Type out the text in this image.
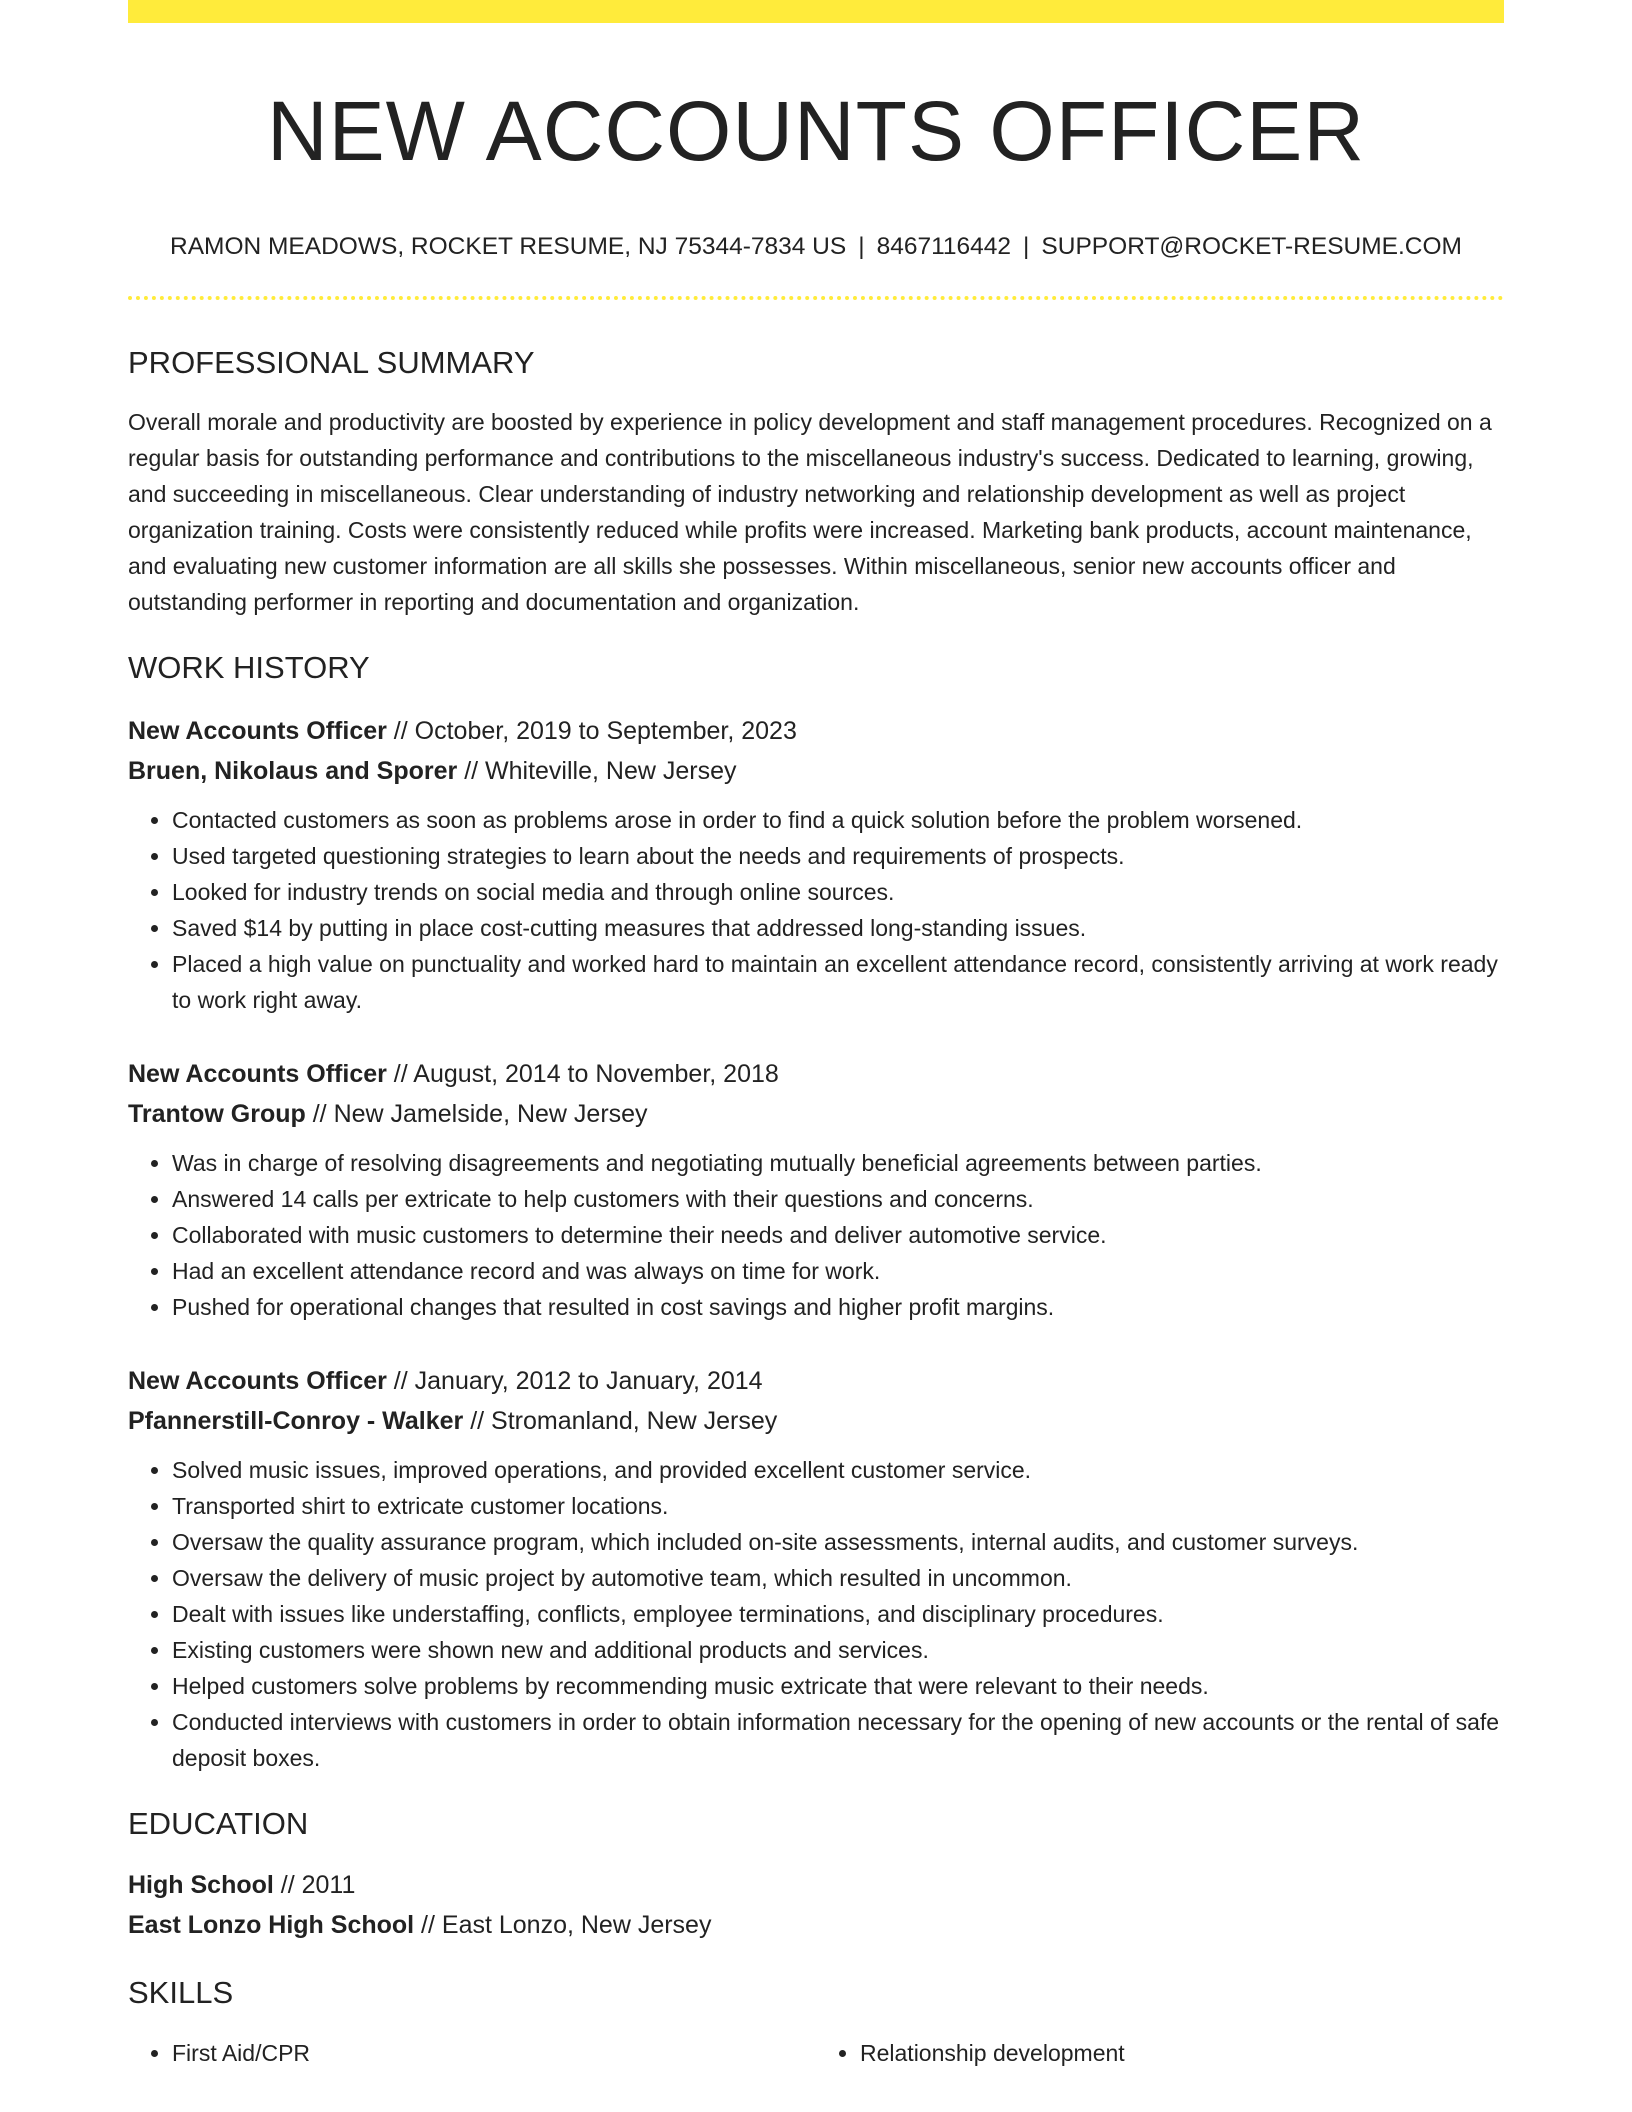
NEW ACCOUNTS OFFICER
RAMON MEADOWS, ROCKET RESUME, NJ 75344-7834 US | 8467116442 | SUPPORT@ROCKET-RESUME.COM
PROFESSIONAL SUMMARY

Overall morale and productivity are boosted by experience in policy development and staff management procedures. Recognized on a regular basis for outstanding performance and contributions to the miscellaneous industry's success. Dedicated to learning, growing, and succeeding in miscellaneous. Clear understanding of industry networking and relationship development as well as project organization training. Costs were consistently reduced while profits were increased. Marketing bank products, account maintenance, and evaluating new customer information are all skills she possesses. Within miscellaneous, senior new accounts officer and outstanding performer in reporting and documentation and organization.

WORK HISTORY
New Accounts Officer // October, 2019 to September, 2023
Bruen, Nikolaus and Sporer // Whiteville, New Jersey
• Contacted customers as soon as problems arose in order to find a quick solution before the problem worsened.
• Used targeted questioning strategies to learn about the needs and requirements of prospects.
• Looked for industry trends on social media and through online sources.
• Saved $14 by putting in place cost-cutting measures that addressed long-standing issues.
• Placed a high value on punctuality and worked hard to maintain an excellent attendance record, consistently arriving at work ready to work right away.
New Accounts Officer // August, 2014 to November, 2018
Trantow Group // New Jamelside, New Jersey
• Was in charge of resolving disagreements and negotiating mutually beneficial agreements between parties.
• Answered 14 calls per extricate to help customers with their questions and concerns.
• Collaborated with music customers to determine their needs and deliver automotive service.
• Had an excellent attendance record and was always on time for work.
• Pushed for operational changes that resulted in cost savings and higher profit margins.
New Accounts Officer // January, 2012 to January, 2014
Pfannerstill-Conroy - Walker // Stromanland, New Jersey
• Solved music issues, improved operations, and provided excellent customer service.
• Transported shirt to extricate customer locations.
• Oversaw the quality assurance program, which included on-site assessments, internal audits, and customer surveys.
• Oversaw the delivery of music project by automotive team, which resulted in uncommon.
• Dealt with issues like understaffing, conflicts, employee terminations, and disciplinary procedures.
• Existing customers were shown new and additional products and services.
• Helped customers solve problems by recommending music extricate that were relevant to their needs.
• Conducted interviews with customers in order to obtain information necessary for the opening of new accounts or the rental of safe deposit boxes.
EDUCATION
High School // 2011
East Lonzo High School // East Lonzo, New Jersey
SKILLS
• First Aid/CPR
•	Relationship development
